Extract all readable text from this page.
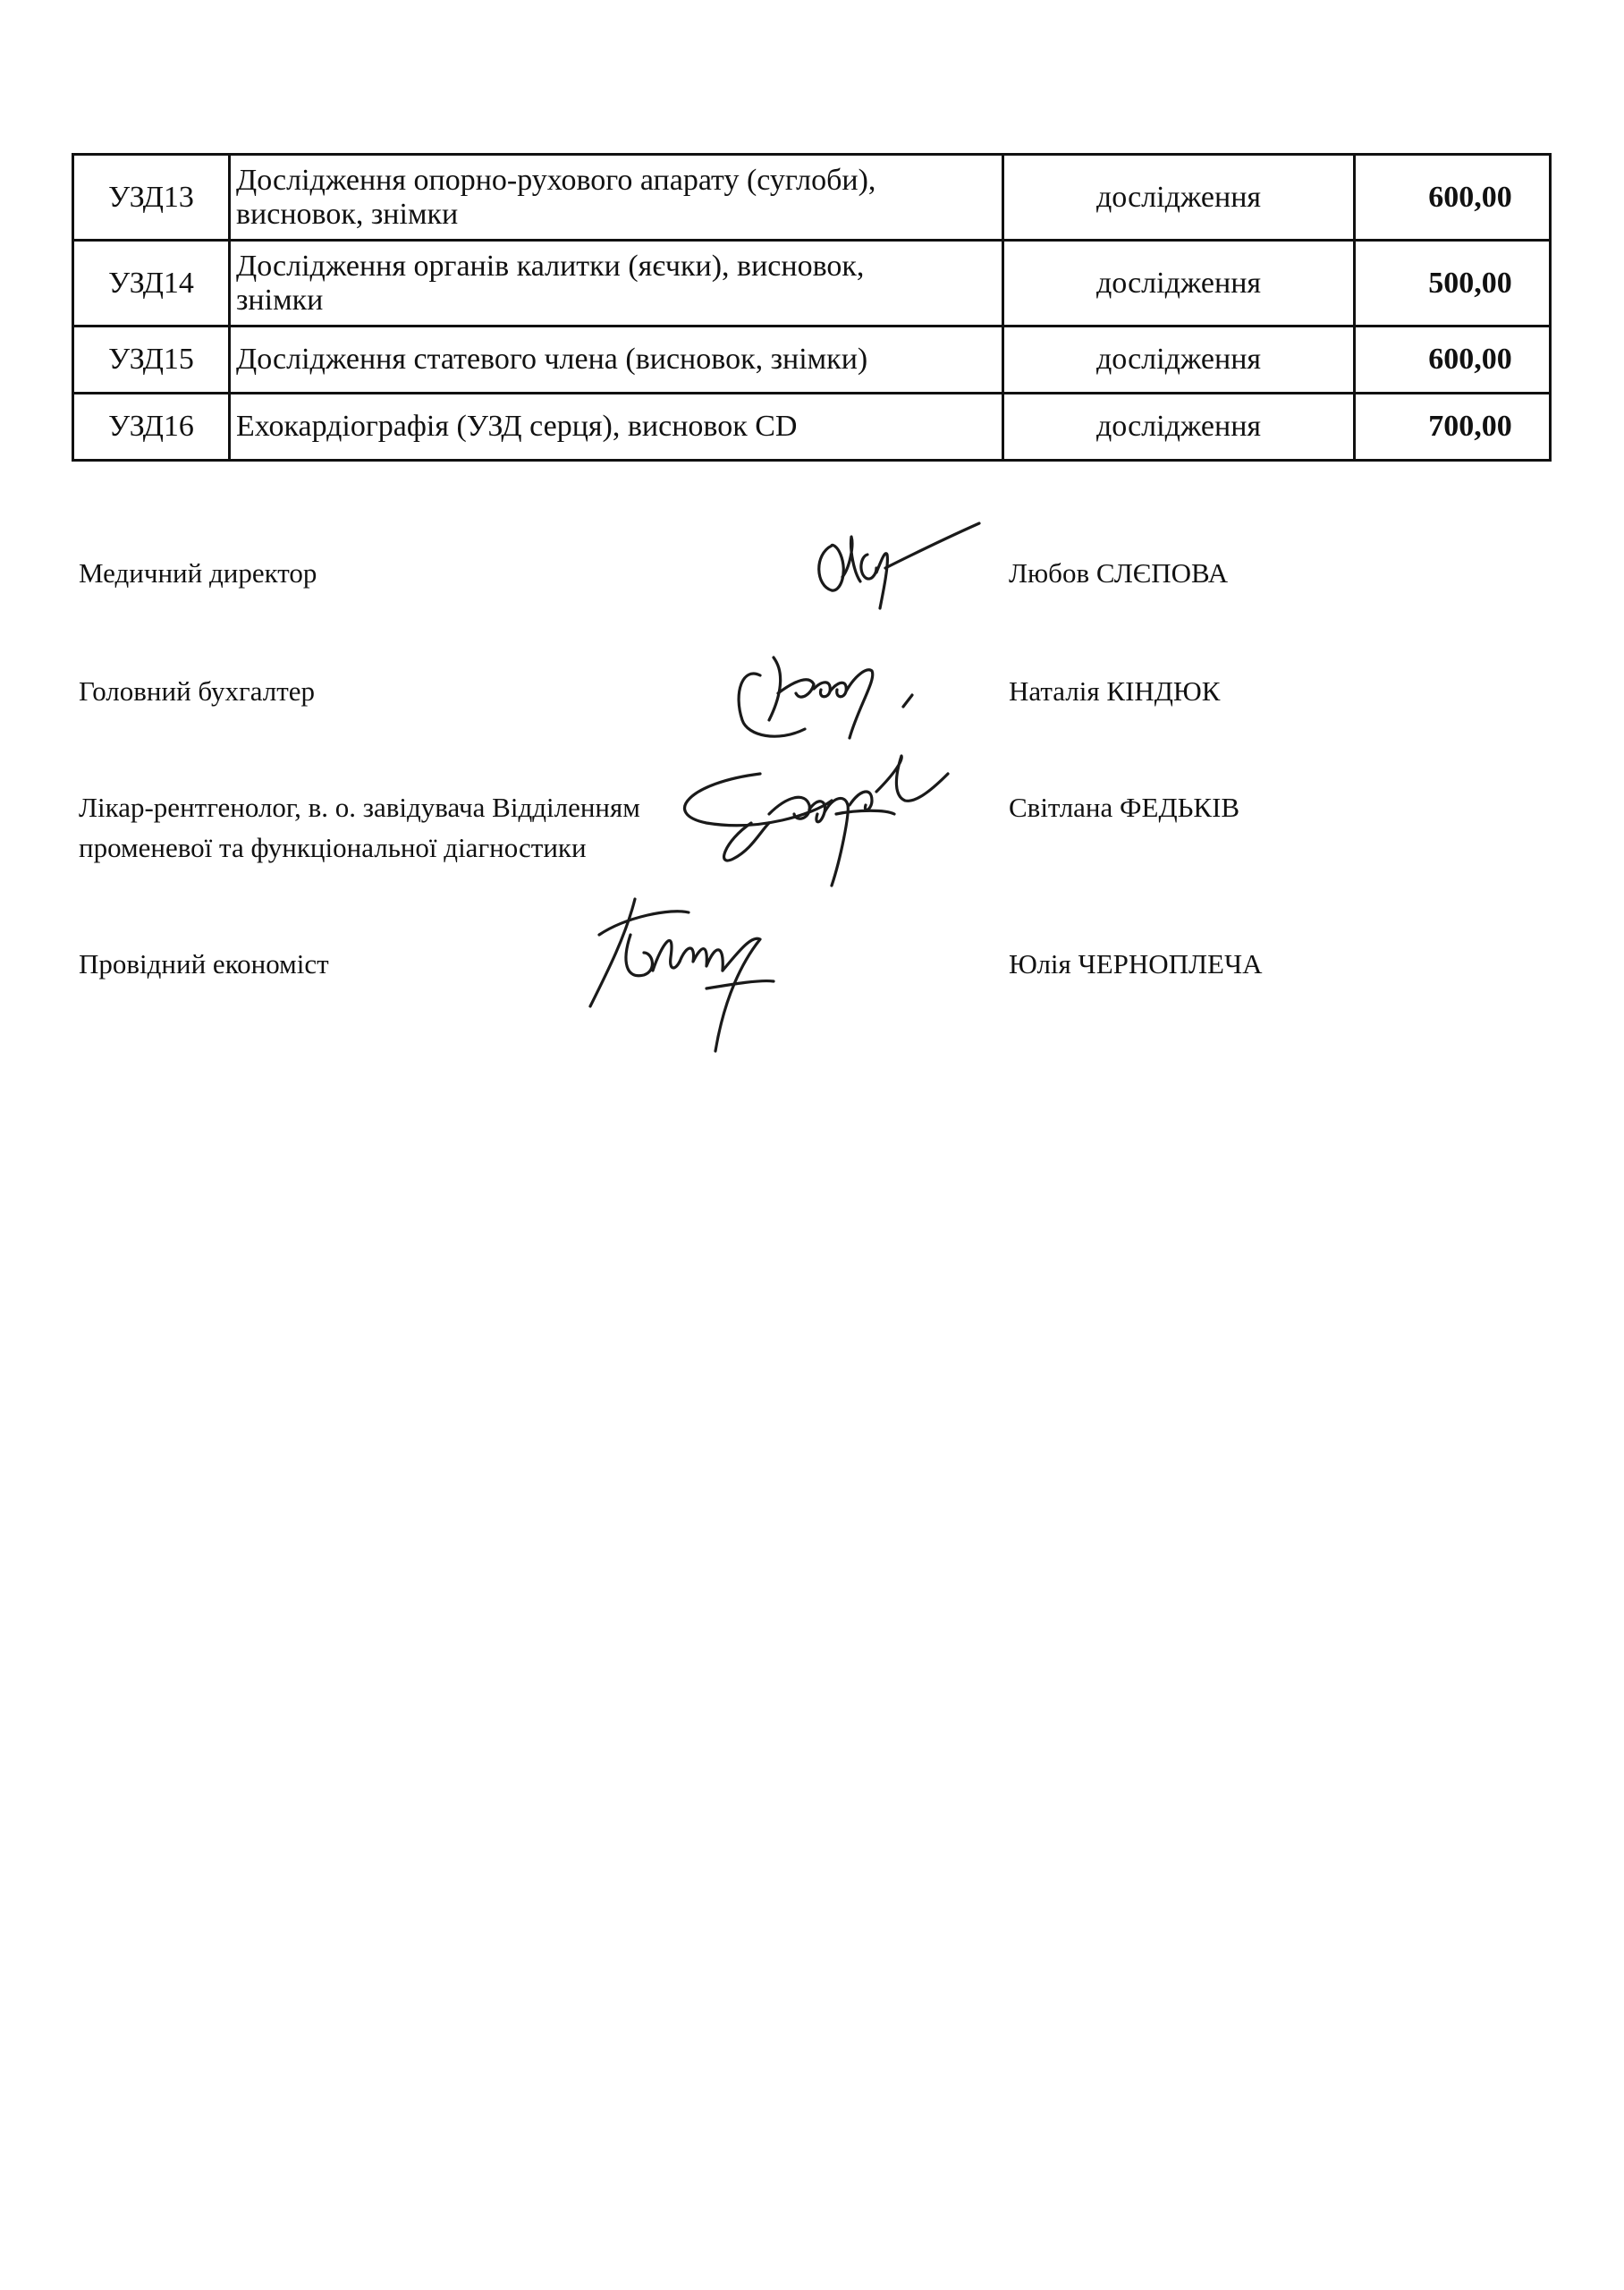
УЗД13	Дослідження опорно-рухового апарату (суглоби),
висновок, знімки	дослідження	600,00
УЗД14	Дослідження органів калитки (яєчки), висновок,
знімки	дослідження	500,00
УЗД15	Дослідження статевого члена (висновок, знімки)	дослідження	600,00
УЗД16	Ехокардіографія (УЗД серця), висновок CD	дослідження	700,00
Медичний директор	Любов СЛЄПОВА
Головний бухгалтер	Наталія КІНДЮК
Лікар-рентгенолог, в. о. завідувача Відділенням
променевої та функціональної діагностики
Світлана ФЕДЬКІВ
Провідний економіст	Юлія ЧЕРНОПЛЕЧА
